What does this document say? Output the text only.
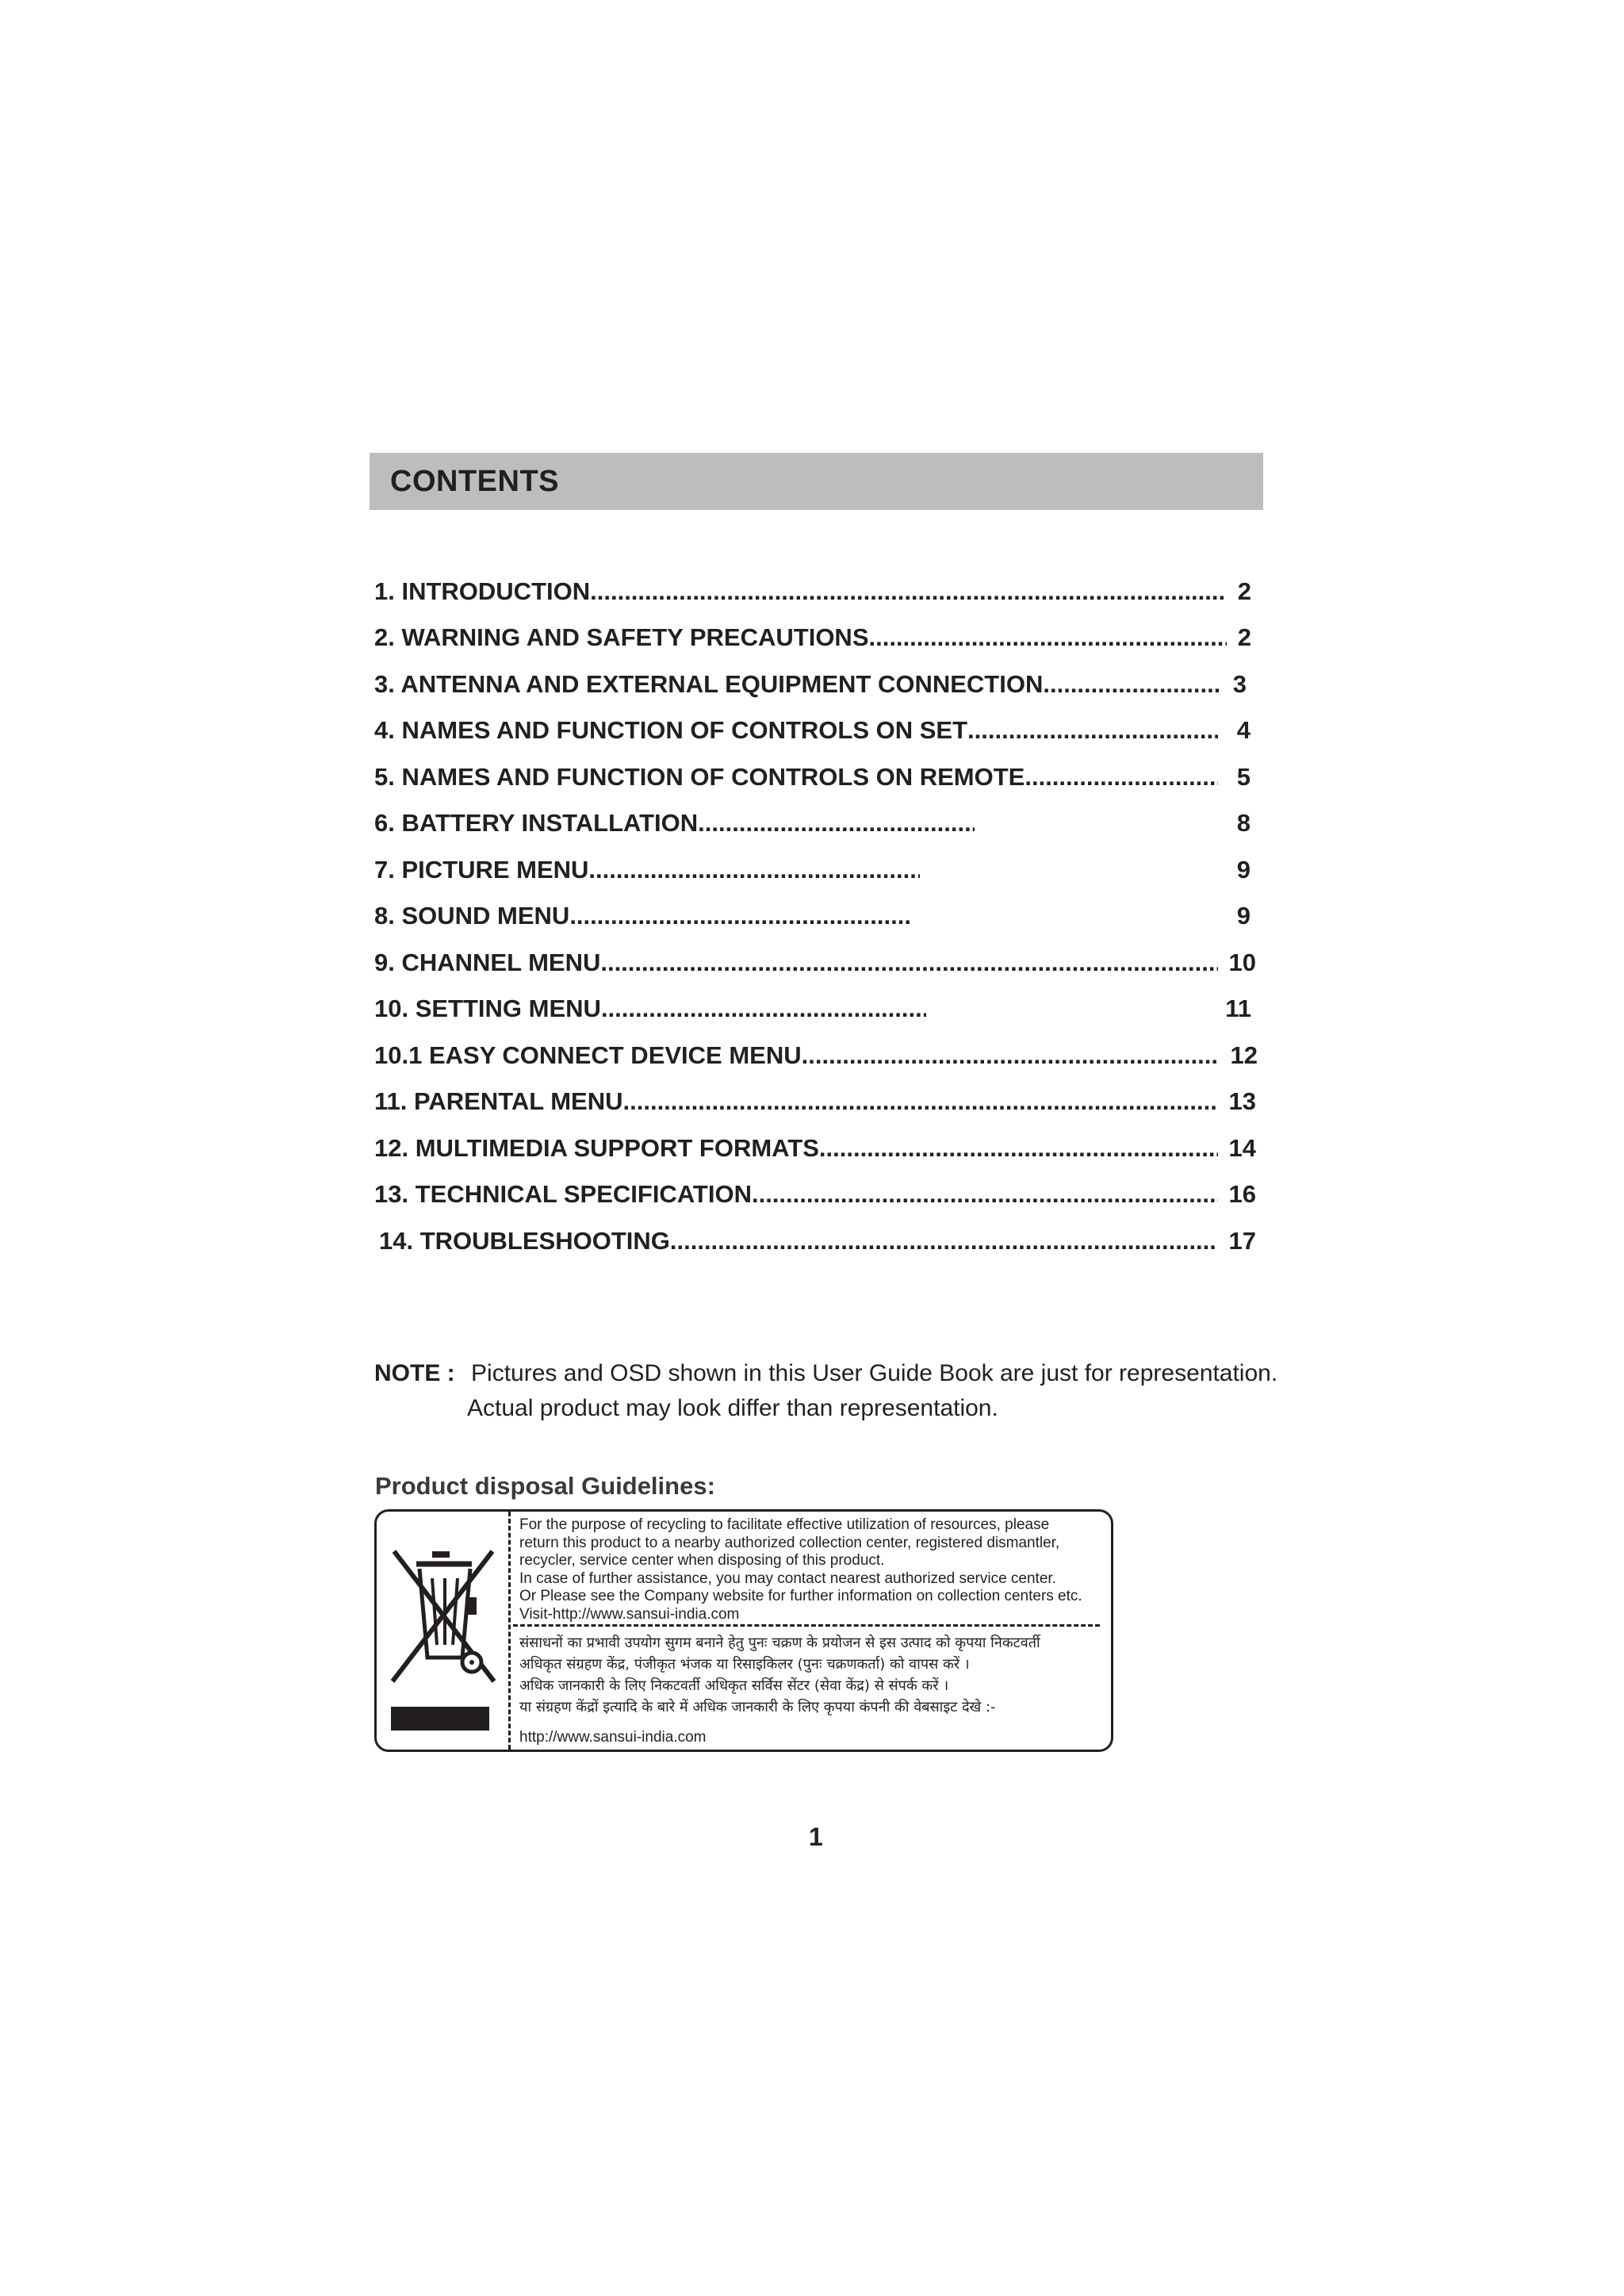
CONTENTS
1. INTRODUCTION .....	2
2. WARNING AND SAFETY PRECAUTIONS .....	2
3. ANTENNA AND EXTERNAL EQUIPMENT CONNECTION .....	3
4. NAMES AND FUNCTION OF CONTROLS ON SET .....	4
5. NAMES AND FUNCTION OF CONTROLS ON REMOTE .....	5
6. BATTERY INSTALLATION .....	8
7. PICTURE MENU .....	9
8. SOUND MENU .....	9
9. CHANNEL MENU .....	10
10. SETTING MENU .....	11
10.1 EASY CONNECT DEVICE MENU .....	12
11. PARENTAL MENU .....	13
12. MULTIMEDIA SUPPORT FORMATS .....	14
13. TECHNICAL SPECIFICATION .....	16
14. TROUBLESHOOTING .....	17
NOTE : Pictures and OSD shown in this User Guide Book are just for representation.
Actual product may look differ than representation.
Product disposal Guidelines:
For the purpose of recycling to facilitate effective utilization of resources, please
return this product to a nearby authorized collection center, registered dismantler,
recycler, service center when disposing of this product.
In case of further assistance, you may contact nearest authorized service center.
Or Please see the Company website for further information on collection centers etc.
Visit-http://www.sansui-india.com
संसाधनों का प्रभावी उपयोग सुगम बनाने हेतु पुनः चक्रण के प्रयोजन से इस उत्पाद को कृपया निकटवर्ती
अधिकृत संग्रहण केंद्र, पंजीकृत भंजक या रिसाइकिलर (पुनः चक्रणकर्ता) को वापस करें ।
अधिक जानकारी के लिए निकटवर्ती अधिकृत सर्विस सेंटर (सेवा केंद्र) से संपर्क करें ।
या संग्रहण केंद्रों इत्यादि के बारे में अधिक जानकारी के लिए कृपया कंपनी की वेबसाइट देखे :-
http://www.sansui-india.com
1
